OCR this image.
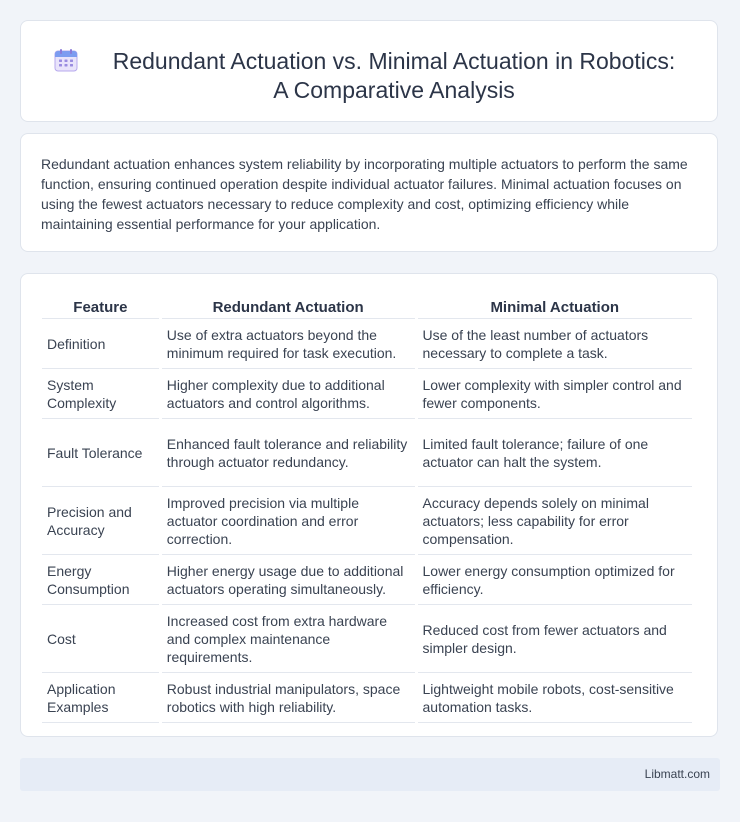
Redundant Actuation vs. Minimal Actuation in Robotics:
A Comparative Analysis

Redundant actuation enhances system reliability by incorporating multiple actuators to perform the same function, ensuring continued operation despite individual actuator failures. Minimal actuation focuses on using the fewest actuators necessary to reduce complexity and cost, optimizing efficiency while maintaining essential performance for your application.

Feature	Redundant Actuation	Minimal Actuation
Definition	Use of extra actuators beyond the minimum required for task execution.	Use of the least number of actuators necessary to complete a task.
System Complexity	Higher complexity due to additional actuators and control algorithms.	Lower complexity with simpler control and fewer components.
Fault Tolerance	Enhanced fault tolerance and reliability through actuator redundancy.	Limited fault tolerance; failure of one actuator can halt the system.
Precision and Accuracy	Improved precision via multiple actuator coordination and error correction.	Accuracy depends solely on minimal actuators; less capability for error compensation.
Energy Consumption	Higher energy usage due to additional actuators operating simultaneously.	Lower energy consumption optimized for efficiency.
Cost	Increased cost from extra hardware and complex maintenance requirements.	Reduced cost from fewer actuators and simpler design.
Application Examples	Robust industrial manipulators, space robotics with high reliability.	Lightweight mobile robots, cost-sensitive automation tasks.
Libmatt.com
